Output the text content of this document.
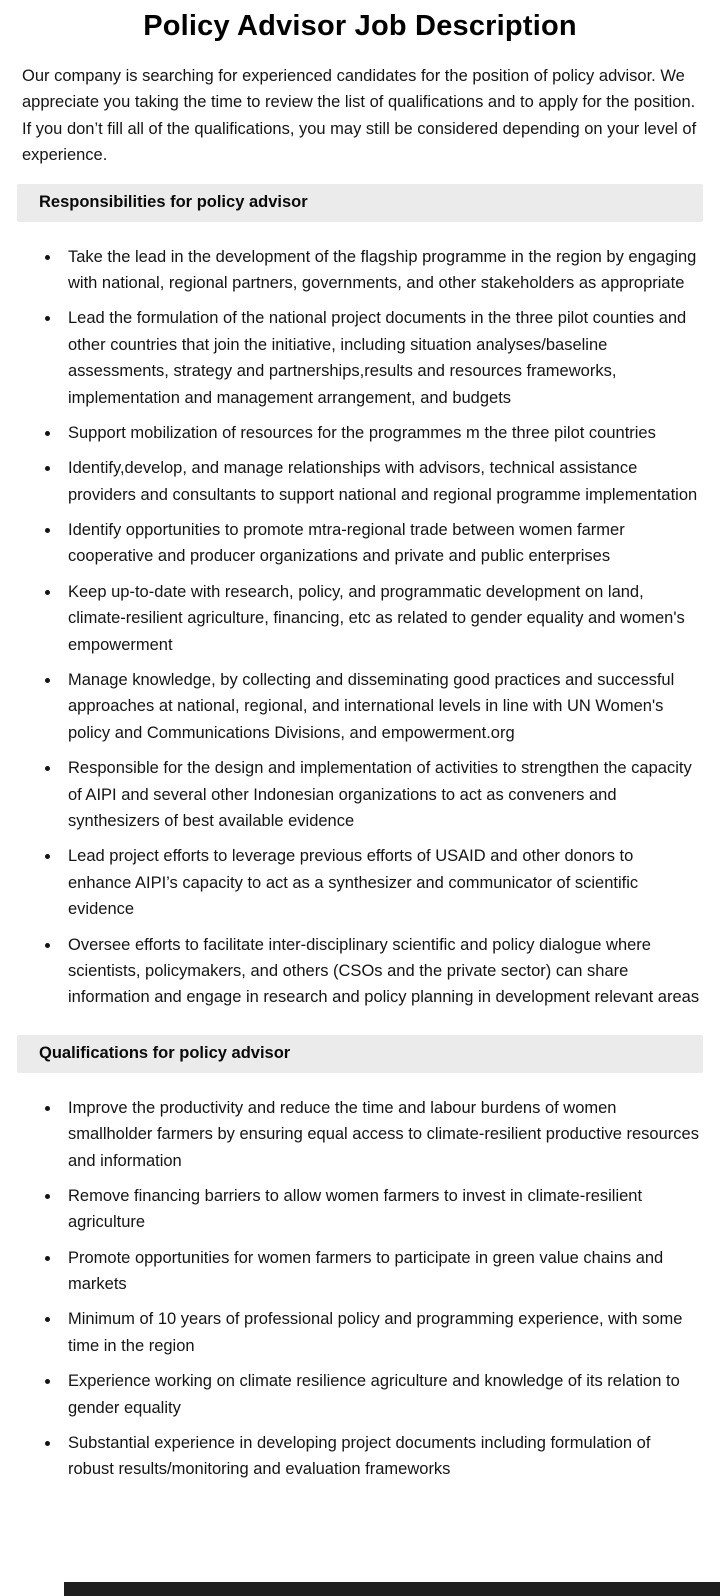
Policy Advisor Job Description

Our company is searching for experienced candidates for the position of policy advisor. We appreciate you taking the time to review the list of qualifications and to apply for the position. If you don’t fill all of the qualifications, you may still be considered depending on your level of experience.

Responsibilities for policy advisor
• Take the lead in the development of the flagship programme in the region by engaging with national, regional partners, governments, and other stakeholders as appropriate
• Lead the formulation of the national project documents in the three pilot counties and other countries that join the initiative, including situation analyses/baseline assessments, strategy and partnerships,results and resources frameworks, implementation and management arrangement, and budgets
• Support mobilization of resources for the programmes m the three pilot countries
• Identify,develop, and manage relationships with advisors, technical assistance providers and consultants to support national and regional programme implementation
• Identify opportunities to promote mtra-regional trade between women farmer cooperative and producer organizations and private and public enterprises
• Keep up-to-date with research, policy, and programmatic development on land, climate-resilient agriculture, financing, etc as related to gender equality and women's empowerment
• Manage knowledge, by collecting and disseminating good practices and successful approaches at national, regional, and international levels in line with UN Women's policy and Communications Divisions, and empowerment.org
• Responsible for the design and implementation of activities to strengthen the capacity of AIPI and several other Indonesian organizations to act as conveners and synthesizers of best available evidence
• Lead project efforts to leverage previous efforts of USAID and other donors to enhance AIPI’s capacity to act as a synthesizer and communicator of scientific evidence
• Oversee efforts to facilitate inter-disciplinary scientific and policy dialogue where scientists, policymakers, and others (CSOs and the private sector) can share information and engage in research and policy planning in development relevant areas
Qualifications for policy advisor
• Improve the productivity and reduce the time and labour burdens of women smallholder farmers by ensuring equal access to climate-resilient productive resources and information
• Remove financing barriers to allow women farmers to invest in climate-resilient agriculture
• Promote opportunities for women farmers to participate in green value chains and markets
• Minimum of 10 years of professional policy and programming experience, with some time in the region
• Experience working on climate resilience agriculture and knowledge of its relation to gender equality
• Substantial experience in developing project documents including formulation of robust results/monitoring and evaluation frameworks
